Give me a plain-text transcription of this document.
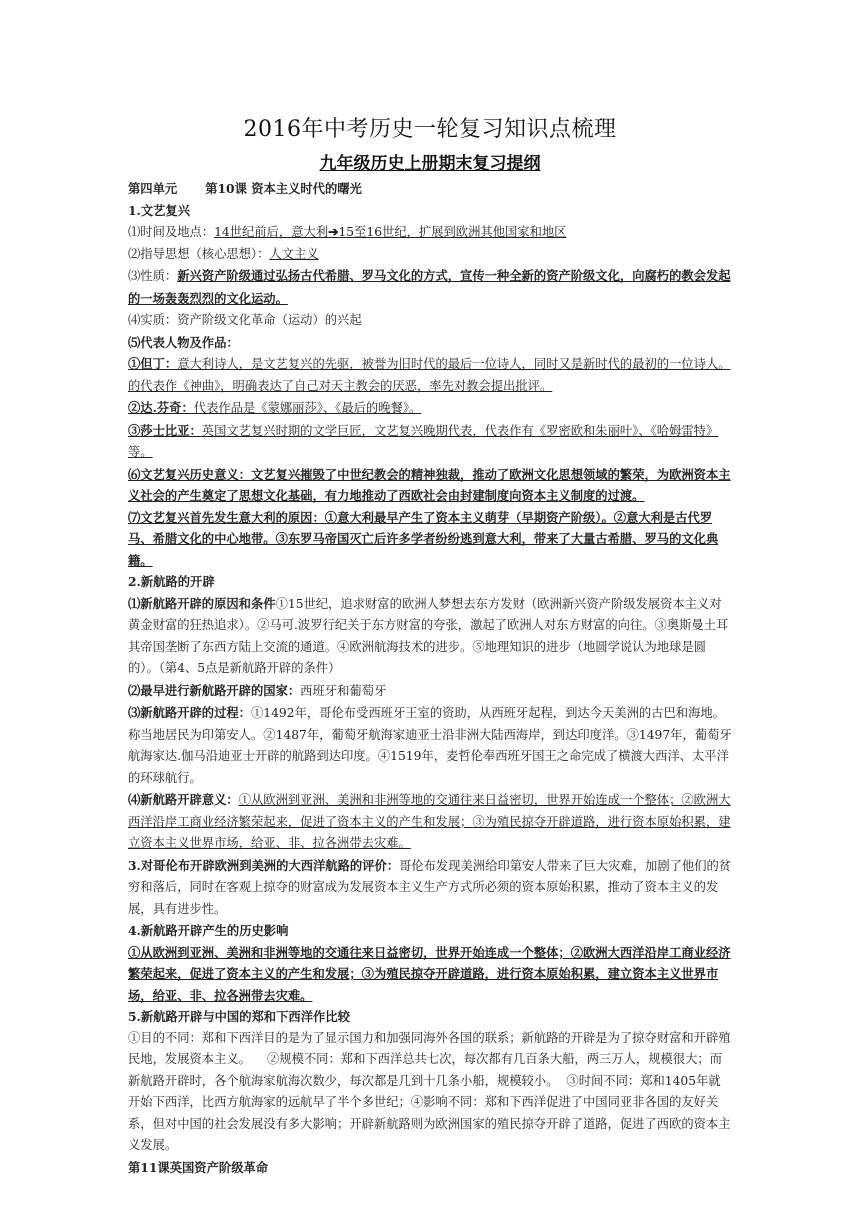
2016年中考历史一轮复习知识点梳理
九年级历史上册期末复习提纲

第四单元 第10课 资本主义时代的曙光

1.文艺复兴

⑴时间及地点：14世纪前后，意大利➔15至16世纪，扩展到欧洲其他国家和地区

⑵指导思想（核心思想）：人文主义

⑶性质：新兴资产阶级通过弘扬古代希腊、罗马文化的方式，宣传一种全新的资产阶级文化，向腐朽的教会发起的一场轰轰烈烈的文化运动。

⑷实质：资产阶级文化革命（运动）的兴起

⑸代表人物及作品：

①但丁：意大利诗人，是文艺复兴的先驱，被誉为旧时代的最后一位诗人，同时又是新时代的最初的一位诗人。的代表作《神曲》，明确表达了自己对天主教会的厌恶，率先对教会提出批评。

②达.芬奇：代表作品是《蒙娜丽莎》、《最后的晚餐》。

③莎士比亚：英国文艺复兴时期的文学巨匠，文艺复兴晚期代表，代表作有《罗密欧和朱丽叶》、《哈姆雷特》等。

⑹文艺复兴历史意义：文艺复兴摧毁了中世纪教会的精神独裁，推动了欧洲文化思想领域的繁荣，为欧洲资本主义社会的产生奠定了思想文化基础，有力地推动了西欧社会由封建制度向资本主义制度的过渡。

⑺文艺复兴首先发生意大利的原因：①意大利最早产生了资本主义萌芽（早期资产阶级）。②意大利是古代罗马、希腊文化的中心地带。③东罗马帝国灭亡后许多学者纷纷逃到意大利，带来了大量古希腊、罗马的文化典籍。

2.新航路的开辟

⑴新航路开辟的原因和条件①15世纪，追求财富的欧洲人梦想去东方发财（欧洲新兴资产阶级发展资本主义对黄金财富的狂热追求）。②马可.波罗行纪关于东方财富的夸张，激起了欧洲人对东方财富的向往。③奥斯曼土耳其帝国垄断了东西方陆上交流的通道。④欧洲航海技术的进步。⑤地理知识的进步（地圆学说认为地球是圆的）。（第4、5点是新航路开辟的条件）

⑵最早进行新航路开辟的国家：西班牙和葡萄牙

⑶新航路开辟的过程：①1492年，哥伦布受西班牙王室的资助，从西班牙起程，到达今天美洲的古巴和海地。称当地居民为印第安人。②1487年，葡萄牙航海家迪亚士沿非洲大陆西海岸，到达印度洋。③1497年，葡萄牙航海家达.伽马沿迪亚士开辟的航路到达印度。④1519年，麦哲伦奉西班牙国王之命完成了横渡大西洋、太平洋的环球航行。

⑷新航路开辟意义：①从欧洲到亚洲、美洲和非洲等地的交通往来日益密切，世界开始连成一个整体；②欧洲大西洋沿岸工商业经济繁荣起来，促进了资本主义的产生和发展；③为殖民掠夺开辟道路，进行资本原始积累，建立资本主义世界市场，给亚、非、拉各洲带去灾难。

3.对哥伦布开辟欧洲到美洲的大西洋航路的评价：哥伦布发现美洲给印第安人带来了巨大灾难，加剧了他们的贫穷和落后，同时在客观上掠夺的财富成为发展资本主义生产方式所必须的资本原始积累，推动了资本主义的发展，具有进步性。

4.新航路开辟产生的历史影响

①从欧洲到亚洲、美洲和非洲等地的交通往来日益密切，世界开始连成一个整体；②欧洲大西洋沿岸工商业经济繁荣起来，促进了资本主义的产生和发展；③为殖民掠夺开辟道路，进行资本原始积累，建立资本主义世界市场，给亚、非、拉各洲带去灾难。

5.新航路开辟与中国的郑和下西洋作比较

①目的不同：郑和下西洋目的是为了显示国力和加强同海外各国的联系；新航路的开辟是为了掠夺财富和开辟殖民地，发展资本主义。 ②规模不同：郑和下西洋总共七次，每次都有几百条大船，两三万人，规模很大；而新航路开辟时，各个航海家航海次数少，每次都是几到十几条小船，规模较小。 ③时间不同：郑和1405年就开始下西洋，比西方航海家的远航早了半个多世纪；④影响不同：郑和下西洋促进了中国同亚非各国的友好关系，但对中国的社会发展没有多大影响；开辟新航路则为欧洲国家的殖民掠夺开辟了道路，促进了西欧的资本主义发展。

第11课英国资产阶级革命
